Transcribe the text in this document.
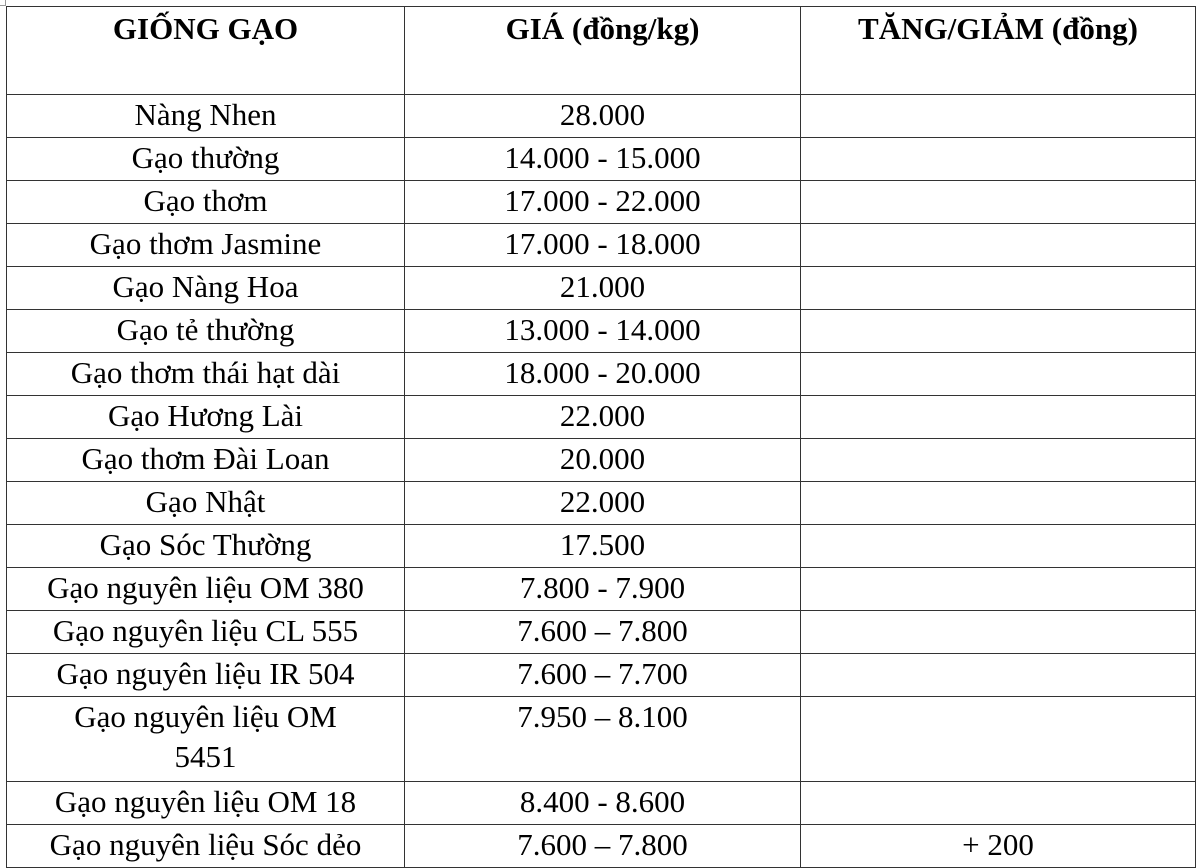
GIỐNG GẠO	GIÁ (đồng/kg)	TĂNG/GIẢM (đồng)
Nàng Nhen	28.000	
Gạo thường	14.000 - 15.000	
Gạo thơm	17.000 - 22.000	
Gạo thơm Jasmine	17.000 - 18.000	
Gạo Nàng Hoa	21.000	
Gạo tẻ thường	13.000 - 14.000	
Gạo thơm thái hạt dài	18.000 - 20.000	
Gạo Hương Lài	22.000	
Gạo thơm Đài Loan	20.000	
Gạo Nhật	22.000	
Gạo Sóc Thường	17.500	
Gạo nguyên liệu OM 380	7.800 - 7.900	
Gạo nguyên liệu CL 555	7.600 – 7.800	
Gạo nguyên liệu IR 504	7.600 – 7.700	
Gạo nguyên liệu OM 5451	7.950 – 8.100	
Gạo nguyên liệu OM 18	8.400 - 8.600	
Gạo nguyên liệu Sóc dẻo	7.600 – 7.800	+ 200
